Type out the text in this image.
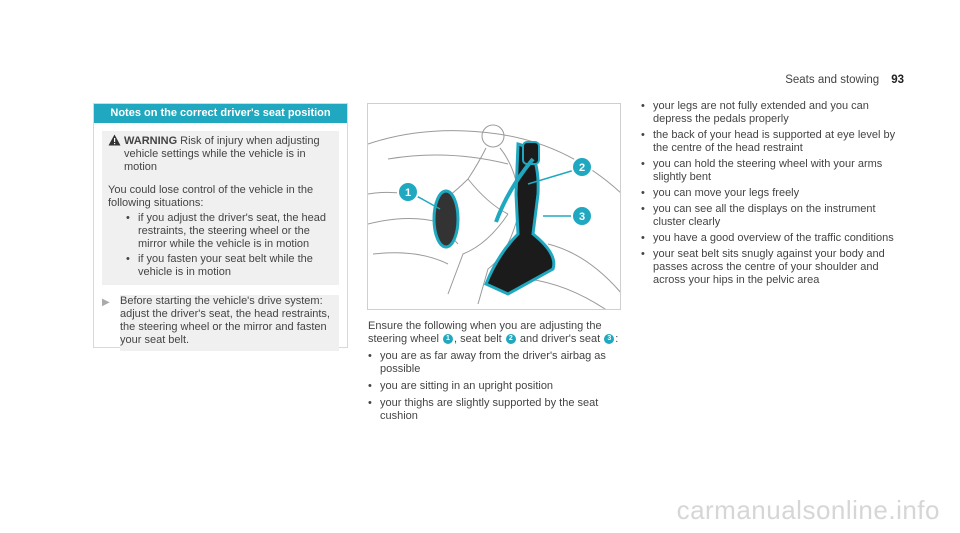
Seats and stowing 93
Notes on the correct driver's seat position
WARNING Risk of injury when adjusting vehicle settings while the vehicle is in motion
You could lose control of the vehicle in the following situations:
• if you adjust the driver's seat, the head restraints, the steering wheel or the mirror while the vehicle is in motion
• if you fasten your seat belt while the vehicle is in motion
▶ Before starting the vehicle's drive system: adjust the driver's seat, the head restraints, the steering wheel or the mirror and fasten your seat belt.
1
2
3
Ensure the following when you are adjusting the steering wheel 1 , seat belt 2 and driver's seat 3 :
• you are as far away from the driver's airbag as possible
• you are sitting in an upright position
• your thighs are slightly supported by the seat cushion
• your legs are not fully extended and you can depress the pedals properly
• the back of your head is supported at eye level by the centre of the head restraint
• you can hold the steering wheel with your arms slightly bent
• you can move your legs freely
• you can see all the displays on the instrument cluster clearly
• you have a good overview of the traffic conditions
• your seat belt sits snugly against your body and passes across the centre of your shoulder and across your hips in the pelvic area
carmanualsonline.info
